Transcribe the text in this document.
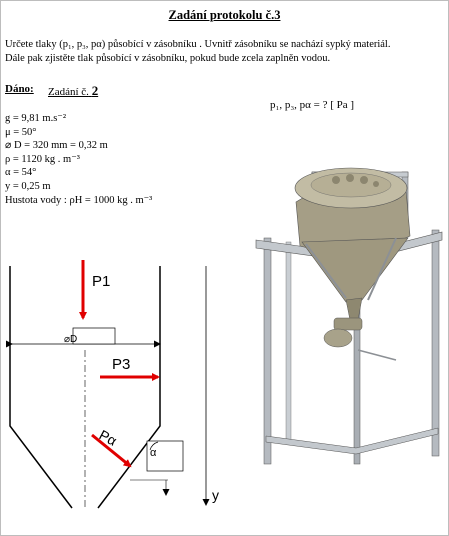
Zadání protokolu č.3
Určete tlaky (p₁, p₃, pα) působící v zásobníku . Uvnitř zásobníku se nachází sypký materiál.
Dále pak zjistěte tlak působící v zásobníku, pokud bude zcela zaplněn vodou.
Dáno: Zadání č. 2
p₁, p₃, pα = ? [ Pa ]
g = 9,81 m.s⁻²
μ = 50°
⌀ D = 320 mm = 0,32 m
ρ = 1120 kg . m⁻³
α = 54°
y = 0,25 m
Hustota vody : ρH = 1000 kg . m⁻³
⌀D
P1
P3
Pα
α
y
